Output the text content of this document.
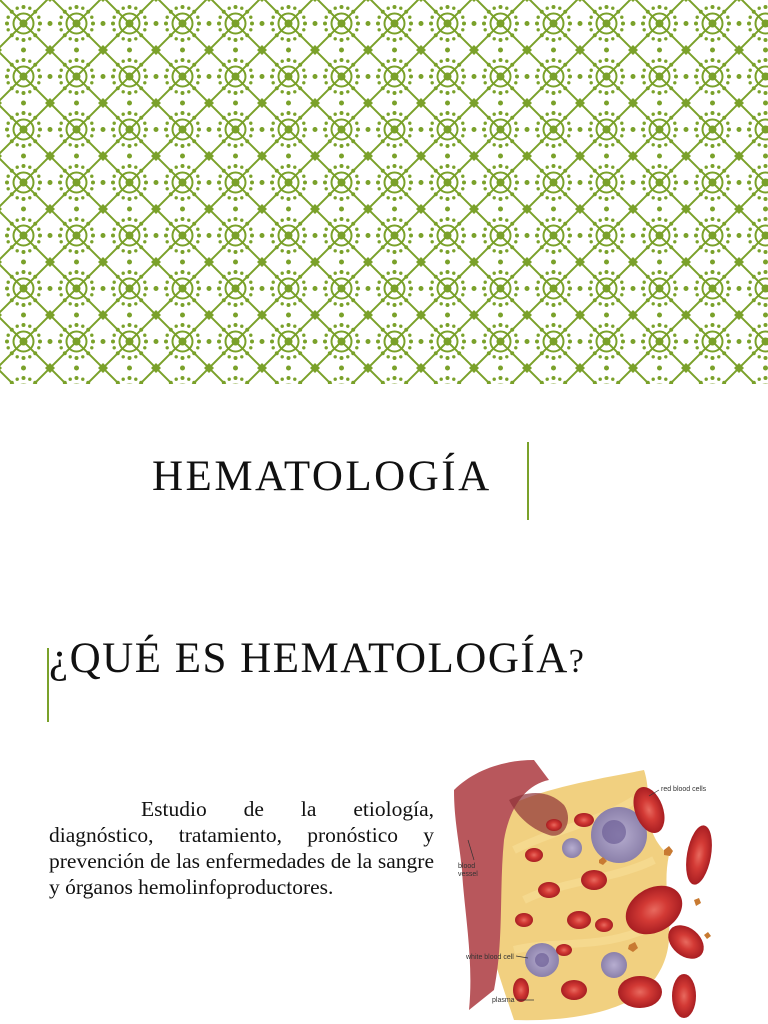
HEMATOLOGÍA
¿QUÉ ES HEMATOLOGÍA?

Estudio de la etiología, diagnóstico, tratamiento, pronóstico y prevención de las enfermedades de la sangre y órganos hemolinfoproductores.

red blood cells
blood
vessel
white blood cell
plasma
